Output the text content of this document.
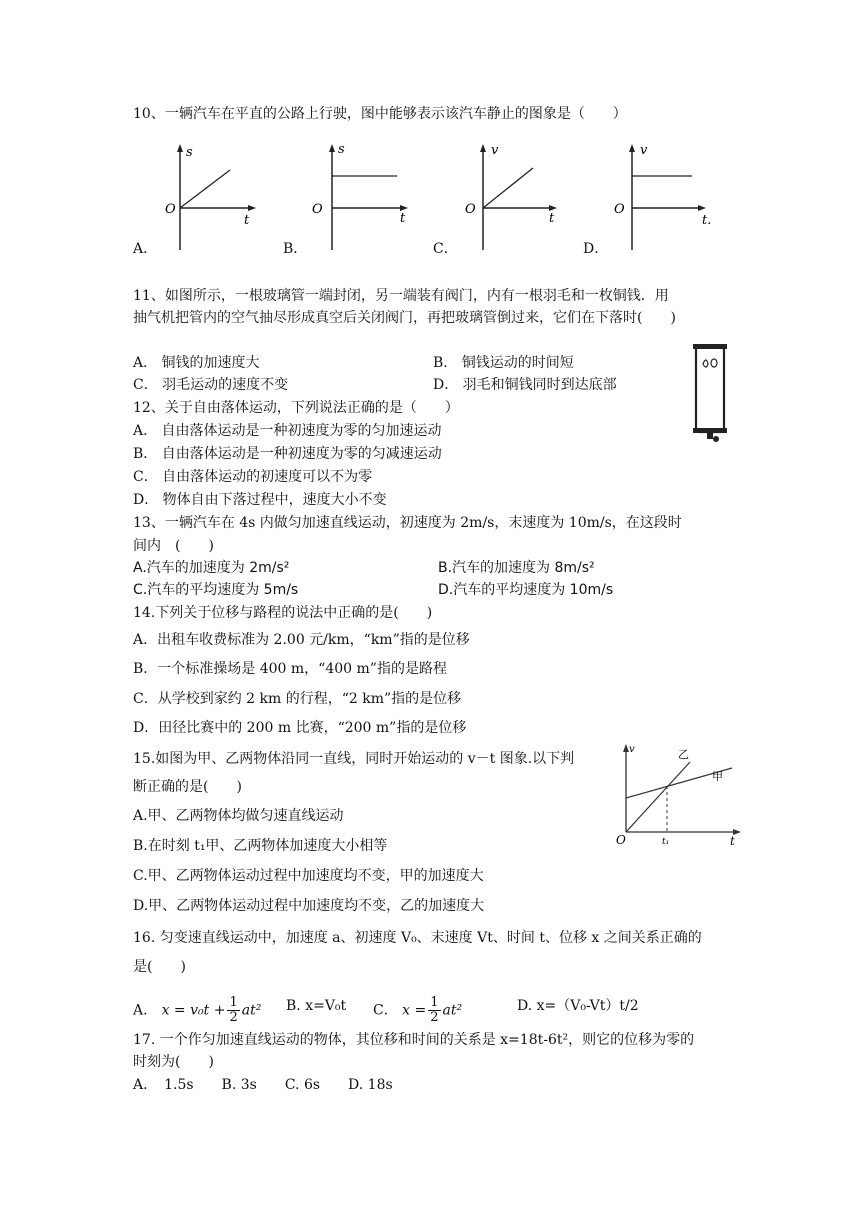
10、一辆汽车在平直的公路上行驶，图中能够表示该汽车静止的图象是（　　）
s
O
t
s
O
t
v
O
t
v
O
t.
A．	B．	C．	D．
11、如图所示，一根玻璃管一端封闭，另一端装有阀门，内有一根羽毛和一枚铜钱．用
抽气机把管内的空气抽尽形成真空后关闭阀门，再把玻璃管倒过来，它们在下落时(　　)
A． 铜钱的加速度大	B． 铜钱运动的时间短
C． 羽毛运动的速度不变	D． 羽毛和铜钱同时到达底部
12、关于自由落体运动，下列说法正确的是（　　）
A． 自由落体运动是一种初速度为零的匀加速运动
B． 自由落体运动是一种初速度为零的匀减速运动
C． 自由落体运动的初速度可以不为零
D． 物体自由下落过程中，速度大小不变
13、一辆汽车在 4s 内做匀加速直线运动，初速度为 2m/s，末速度为 10m/s，在这段时
间内　(　　)
A.汽车的加速度为 2m/s²	B.汽车的加速度为 8m/s²
C.汽车的平均速度为 5m/s	D.汽车的平均速度为 10m/s
14.下列关于位移与路程的说法中正确的是(　　)
A．出租车收费标准为 2.00 元/km，“km”指的是位移
B．一个标准操场是 400 m，“400 m”指的是路程
C．从学校到家约 2 km 的行程，“2 km”指的是位移
D．田径比赛中的 200 m 比赛，“200 m”指的是位移
15.如图为甲、乙两物体沿同一直线，同时开始运动的 v－t 图象.以下判
断正确的是(　　)
A.甲、乙两物体均做匀速直线运动
B.在时刻 t₁甲、乙两物体加速度大小相等
C.甲、乙两物体运动过程中加速度均不变，甲的加速度大
D.甲、乙两物体运动过程中加速度均不变，乙的加速度大
v
O	t
t₁
甲
乙
16. 匀变速直线运动中，加速度 a、初速度 V₀、末速度 Vt、时间 t、位移 x 之间关系正确的
是(　　)
A． $x = v_0t + \frac{1}{2} at^2$ B. x=V₀t C． $x = \frac{1}{2} at^2$	D. x=（V₀-Vt）t/2
17. 一个作匀加速直线运动的物体，其位移和时间的关系是 x=18t-6t²，则它的位移为零的
时刻为(　　)
A．　1.5s　　B. 3s　　C. 6s　　D. 18s
